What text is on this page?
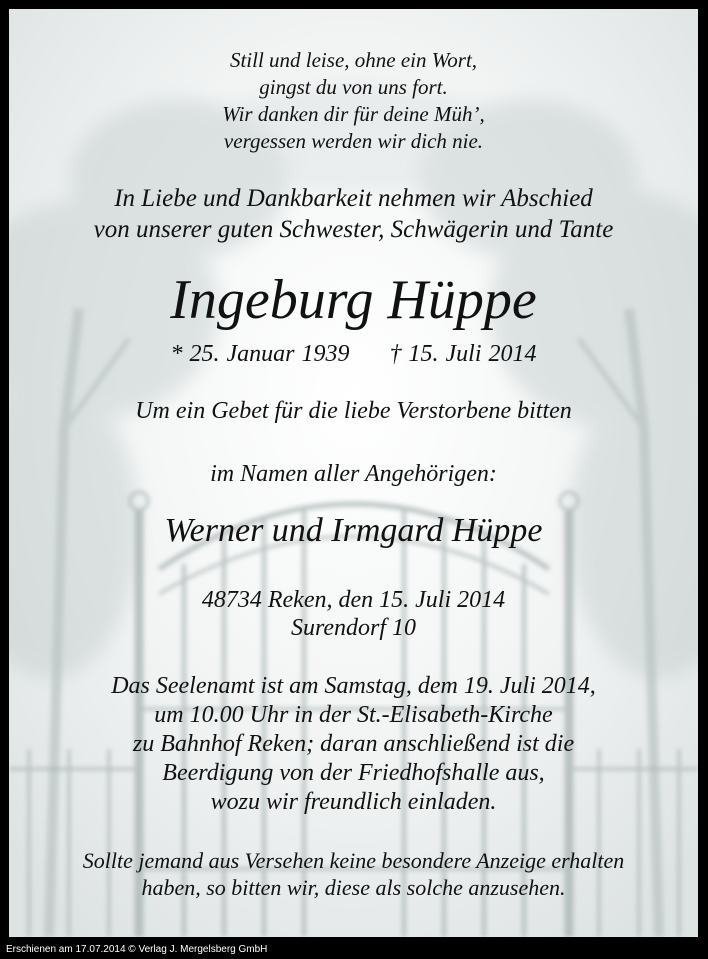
Still und leise, ohne ein Wort,
gingst du von uns fort.
Wir danken dir für deine Müh’,
vergessen werden wir dich nie.
In Liebe und Dankbarkeit nehmen wir Abschied
von unserer guten Schwester, Schwägerin und Tante
Ingeburg Hüppe
* 25. Januar 1939 † 15. Juli 2014
Um ein Gebet für die liebe Verstorbene bitten
im Namen aller Angehörigen:
Werner und Irmgard Hüppe
48734 Reken, den 15. Juli 2014
Surendorf 10
Das Seelenamt ist am Samstag, dem 19. Juli 2014,
um 10.00 Uhr in der St.-Elisabeth-Kirche
zu Bahnhof Reken; daran anschließend ist die
Beerdigung von der Friedhofshalle aus,
wozu wir freundlich einladen.
Sollte jemand aus Versehen keine besondere Anzeige erhalten
haben, so bitten wir, diese als solche anzusehen.
Erschienen am 17.07.2014 © Verlag J. Mergelsberg GmbH
